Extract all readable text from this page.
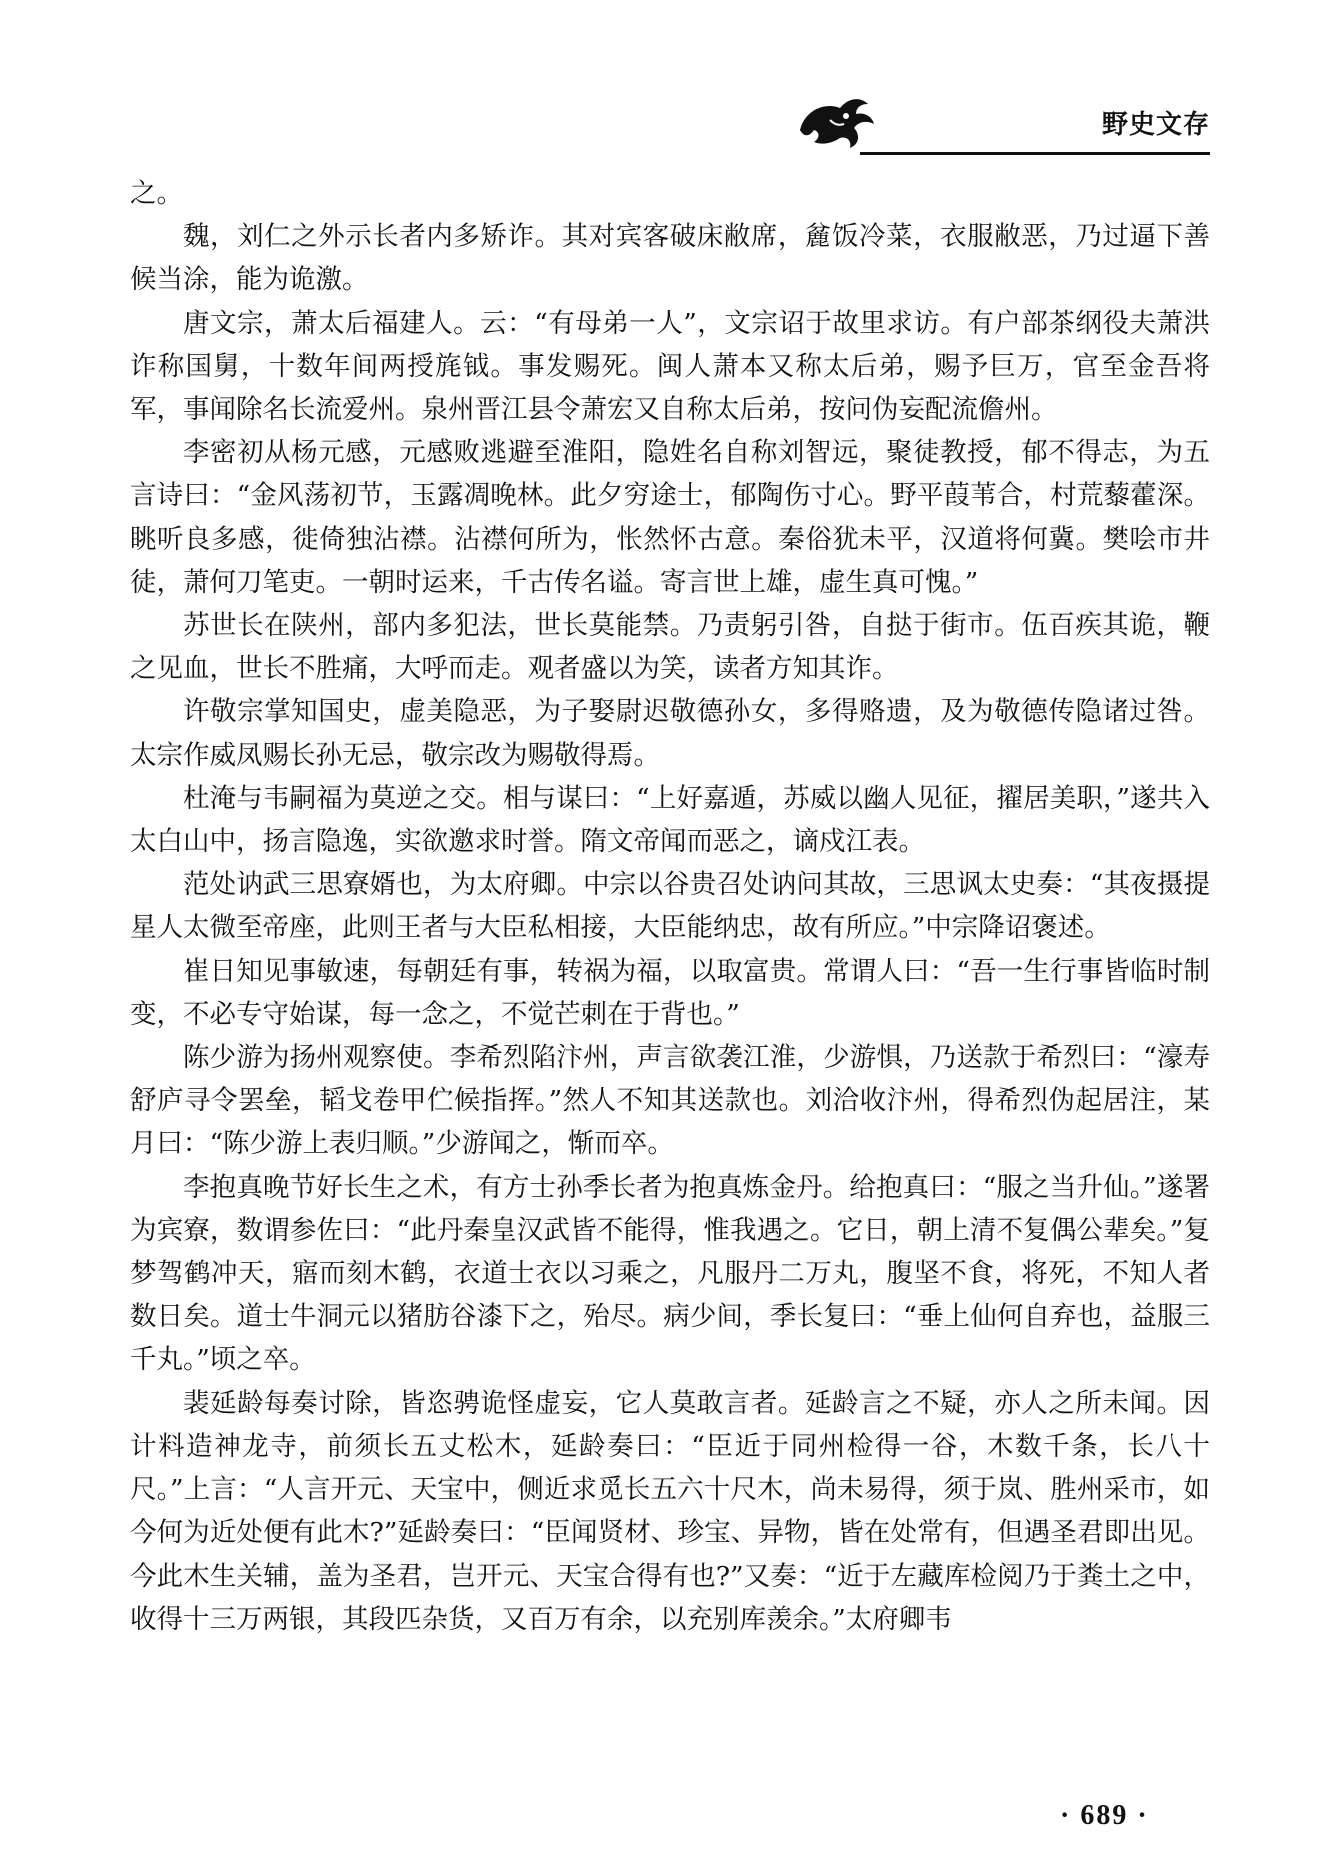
野史文存

之。

魏，刘仁之外示长者内多矫诈。其对宾客破床敝席，麄饭冷菜，衣服敝恶，乃过逼下善候当涂，能为诡激。

唐文宗，萧太后福建人。云：“有母弟一人”，文宗诏于故里求访。有户部茶纲役夫萧洪诈称国舅，十数年间两授旄钺。事发赐死。闽人萧本又称太后弟，赐予巨万，官至金吾将军，事闻除名长流爱州。泉州晋江县令萧宏又自称太后弟，按问伪妄配流儋州。

李密初从杨元感，元感败逃避至淮阳，隐姓名自称刘智远，聚徒教授，郁不得志，为五言诗曰：“金风荡初节，玉露凋晚林。此夕穷途士，郁陶伤寸心。野平葭苇合，村荒藜藿深。眺听良多感，徙倚独沾襟。沾襟何所为，怅然怀古意。秦俗犹未平，汉道将何冀。樊哙市井徒，萧何刀笔吏。一朝时运来，千古传名谥。寄言世上雄，虚生真可愧。”

苏世长在陕州，部内多犯法，世长莫能禁。乃责躬引咎，自挞于街市。伍百疾其诡，鞭之见血，世长不胜痛，大呼而走。观者盛以为笑，读者方知其诈。

许敬宗掌知国史，虚美隐恶，为子娶尉迟敬德孙女，多得赂遗，及为敬德传隐诸过咎。太宗作威凤赐长孙无忌，敬宗改为赐敬得焉。

杜淹与韦嗣福为莫逆之交。相与谋曰：“上好嘉遁，苏威以幽人见征，擢居美职，”遂共入太白山中，扬言隐逸，实欲邀求时誉。隋文帝闻而恶之，谪戍江表。

范处讷武三思寮婿也，为太府卿。中宗以谷贵召处讷问其故，三思讽太史奏：“其夜摄提星人太微至帝座，此则王者与大臣私相接，大臣能纳忠，故有所应。”中宗降诏褒述。

崔日知见事敏速，每朝廷有事，转祸为福，以取富贵。常谓人曰：“吾一生行事皆临时制变，不必专守始谋，每一念之，不觉芒刺在于背也。”

陈少游为扬州观察使。李希烈陷汴州，声言欲袭江淮，少游惧，乃送款于希烈曰：“濠寿舒庐寻令罢垒，韬戈卷甲伫候指挥。”然人不知其送款也。刘洽收汴州，得希烈伪起居注，某月曰：“陈少游上表归顺。”少游闻之，惭而卒。

李抱真晚节好长生之术，有方士孙季长者为抱真炼金丹。给抱真曰：“服之当升仙。”遂署为宾寮，数谓参佐曰：“此丹秦皇汉武皆不能得，惟我遇之。它日，朝上清不复偶公辈矣。”复梦驾鹤冲天，寤而刻木鹤，衣道士衣以习乘之，凡服丹二万丸，腹坚不食，将死，不知人者数日矣。道士牛洞元以猪肪谷漆下之，殆尽。病少间，季长复曰：“垂上仙何自弃也，益服三千丸。”顷之卒。

裴延龄每奏讨除，皆恣骋诡怪虚妄，它人莫敢言者。延龄言之不疑，亦人之所未闻。因计料造神龙寺，前须长五丈松木，延龄奏曰：“臣近于同州检得一谷，木数千条，长八十尺。”上言：“人言开元、天宝中，侧近求觅长五六十尺木，尚未易得，须于岚、胜州采市，如今何为近处便有此木?”延龄奏曰：“臣闻贤材、珍宝、异物，皆在处常有，但遇圣君即出见。今此木生关辅，盖为圣君，岂开元、天宝合得有也?”又奏：“近于左藏库检阅乃于粪土之中，收得十三万两银，其段匹杂货，又百万有余，以充别库羡余。”太府卿韦

· 689 ·
